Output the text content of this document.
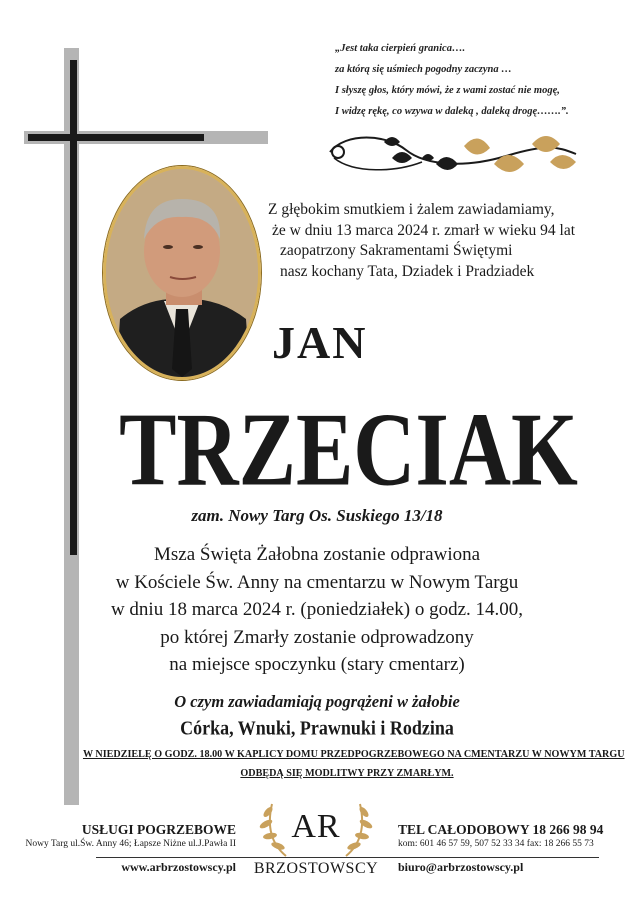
„Jest taka cierpień granica….
za którą się uśmiech pogodny zaczyna …
I słyszę głos, który mówi, że z wami zostać nie mogę,
I widzę rękę, co wzywa w daleką , daleką drogę…….”.
Z głębokim smutkiem i żalem zawiadamiamy,
że w dniu 13 marca 2024 r. zmarł w wieku 94 lat
zaopatrzony Sakramentami Świętymi
nasz kochany Tata, Dziadek i Pradziadek
JAN
TRZECIAK
zam. Nowy Targ Os. Suskiego 13/18
Msza Święta Żałobna zostanie odprawiona
w Kościele Św. Anny na cmentarzu w Nowym Targu
w dniu 18 marca 2024 r. (poniedziałek) o godz. 14.00,
po której Zmarły zostanie odprowadzony
na miejsce spoczynku (stary cmentarz)
O czym zawiadamiają pogrążeni w żałobie
Córka, Wnuki, Prawnuki i Rodzina
W NIEDZIELĘ O GODZ. 18.00 W KAPLICY DOMU PRZEDPOGRZEBOWEGO NA CMENTARZU W NOWYM TARGU
ODBĘDĄ SIĘ MODLITWY PRZY ZMARŁYM.
USŁUGI POGRZEBOWE
Nowy Targ ul.Św. Anny 46; Łapsze Niżne ul.J.Pawła II
www.arbrzostowscy.pl
AR
BRZOSTOWSCY
TEL CAŁODOBOWY 18 266 98 94
kom: 601 46 57 59, 507 52 33 34 fax: 18 266 55 73
biuro@arbrzostowscy.pl
